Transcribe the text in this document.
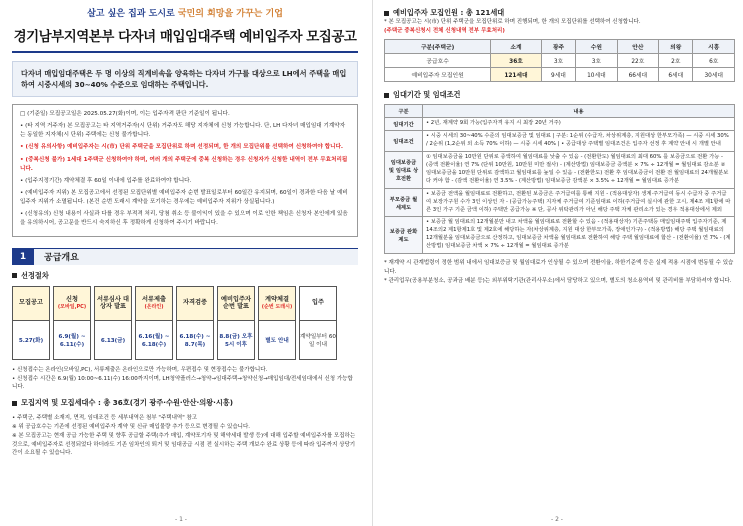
살고 싶은 집과 도시로 국민의 희망을 가꾸는 기업
경기남부지역본부 다자녀 매입임대주택 예비입주자 모집공고
다자녀 매입임대주택은 두 명 이상의 직계비속을 양육하는 다자녀 가구를 대상으로 LH에서 주택을 매입하여 시중시세의 30~40% 수준으로 임대하는 주택입니다.

□ (기준일) 모집공고일은 2025.05.27(화)이며, 이는 입주자격 판단 기준일이 됩니다.

• (타 지역 거주자) 본 모집공고는 타 지역거주자(시 단위) 거주자도 해당 지자체에 신청 가능합니다. 단, LH 다자녀 매입임대 기계약자는 동일한 지자체(시 단위) 주택에는 신청 불가합니다.

• (신청 유의사항) 예비입주자는 시(市) 단위 주택군을 모집단위로 하며 선정되며, 한 개의 모집단위를 선택하여 신청하여야 합니다.

• (중복신청 불가) 1세대 1주택군 신청하여야 하며, 여러 개의 주택군에 중복 신청하는 경우 신청자가 신청한 내역이 전부 무효처리됩니다.

• (입주지정기간) 계약체결 후 60일 이내에 입주를 완료하여야 합니다.

• (예비입주자 지위) 본 모집공고에서 선정된 모집단위별 예비입주자 순번 발표일로부터 60일간 유지되며, 60일이 경과한 다음 날 예비입주자 지위가 소멸됩니다. (본건 순번 도래시 계약을 포기하는 경우에는 예비입주자 지위가 상실됩니다.)

• (신청유의) 신청 내용이 사실과 다를 경우 부적격 처리, 당첨 취소 등 불이익이 있을 수 있으며 이로 인한 책임은 신청자 본인에게 있음을 유의하시어, 공고문을 반드시 숙지하신 후 정확하게 신청하여 주시기 바랍니다.

1	공급개요
선정절차
모집공고
5.27(화)
신청
(모바일,PC)
6.9(월) ~ 6.11(수)
서류심사 대상자 발표
6.13(금)
서류제출
(온라인)
6.16(월) ~ 6.18(수)
자격검증
6.18(수) ~ 8.7(목)
예비입주자 순번 발표
8.8(금) 오후 5시 이후
계약체결
(순번 도래시)
별도 안내
입주
계약일부터 60일 이내
• 신청접수는 온라인(모바일,PC), 서류제출은 온라인으로만 가능하며, 우편접수 및 현장접수는 불가합니다.
• 신청접수 시간은 6.9(월) 10:00~6.11(수) 16:00까지이며, LH청약플러스→청약→임대주택→청약신청→매입임대/전세임대에서 신청 가능합니다.
모집지역 및 모집세대수 : 총 36호(경기 광주·수원·안산·의왕·시흥)
• 주택군, 주택별 소재지, 면적, 임대조건 등 세부내역은 첨부 "주택내역" 참고
※ 위 공급호수는 기존에 선정된 예비입주자 계약 및 신규 매입물량 추가 등으로 변경될 수 있습니다.
※ 본 모집공고는 현재 공급 가능한 주택 및 향후 공급할 주택(추가 매입, 계약포기자 및 해약세대 발생 등)에 대해 입주할 예비입주자를 모집하는 것으로, 예비입주자로 선정되었다 하더라도 기존 임차인의 퇴거 및 임대공급 시점 전 실시하는 주택 개보수 완료 상황 등에 따라 입주까지 상당기간이 소요될 수 있습니다.
- 1 -
예비입주자 모집인원 : 총 121세대
* 본 모집공고는 시(市) 단위 주택군을 모집단위로 하며 진행되며, 한 개의 모집단위를 선택하여 신청합니다.
(주택군 중복신청시 전체 신청내역 전부 무효처리)
구분(주택군)	소계	광주	수원	안산	의왕	시흥
공급호수	36호	3호	3호	22호	2호	6호
예비입주자 모집인원	121세대	9세대	10세대	66세대	6세대	30세대
임대기간 및 임대조건
구분	내용
임대기간	• 2년, 재계약 9회 가능(입주자격 유지 시 최장 20년 거주)
임대조건	• 시중 시세의 30~40% 수준의 임대보증금 및 임대료 | 구분: 1순위 (수급자, 차상위계층, 지원대상 한부모가족) — 시중 시세 30% / 2순위 (1,2순위 외 소득 70% 이하) — 시중 시세 40% | • 공급대상 주택별 임대조건은 입주자 선정 후 계약 안내 시 개별 안내
임대보증금 및 임대료 상호전환	① 임대보증금을 10만원 단위로 증액하여 월임대료를 낮출 수 있음 - (전환한도) 월임대료의 최대 60% 를 보증금으로 전환 가능 - (증액 전환이율) 연 7% (단위 10만원, 10만원 미만 절사) - (계산방법) 임대보증금 증액분 × 7% ÷ 12개월 = 월임대료 감소분 ② 임대보증금을 10만원 단위로 감액하고 월임대료를 높일 수 있음 - (전환한도) 전환 후 임대보증금이 전환 전 월임대료의 24개월분보다 커야 함 - (감액 전환이율) 연 3.5% - (계산방법) 임대보증금 감액분 × 3.5% ÷ 12개월 = 월임대료 증가분
부모중금 월세제도	• 보증금 전액을 월임대료로 전환하고, 전환된 보증금은 주거급여를 통해 지원 - (적용대상자) 생계·주거급여 동시 수급자 중 주거급여 보장가구원 수가 3인 이상인 자 - (공급가능주택) 지자체 주거급여 기준임대료 이하(주거급여 실시에 관한 고시, 제4조 제1항에 따른 3인 가구 기준 금액 이하) 주택만 공급가능 ※ 단, 공사 위탁관리가 아닌 해당 주택 자체 관리소가 있는 경우 적용대상에서 제외
보증금 완화제도	• 보증금 월 임대료의 12개월분만 내고 차액을 월임대료로 전환할 수 있음 - (적용대상자) 기존주택등 매입임대주택 입주자기준, 제14조의2 제1항제1호 및 제2호에 해당하는 자(차상위계층, 지원 대상 한부모가족, 장애인가구) - (적용방법) 해당 주택 월임대료의 12개월분을 임대보증금으로 산정하고, 임대보증금 차액을 월임대료로 전환하여 해당 주택 월임대료에 합산 - (전환이율) 연 7% - (계산방법) 임대보증금 차액 × 7% ÷ 12개월 = 월임대료 증가분
* 재계약 시 관계법령이 정한 범위 내에서 임대보증금 및 월임대료가 인상될 수 있으며 전환이율, 하한기준액 등은 실제 적용 시점에 변동될 수 있습니다.
* 관리업무(공용부분청소, 공과금 배분 등)는 외부위탁기관(관리사무소)에서 담당하고 있으며, 별도의 청소용역비 및 관리비를 부담하셔야 합니다.
- 2 -
